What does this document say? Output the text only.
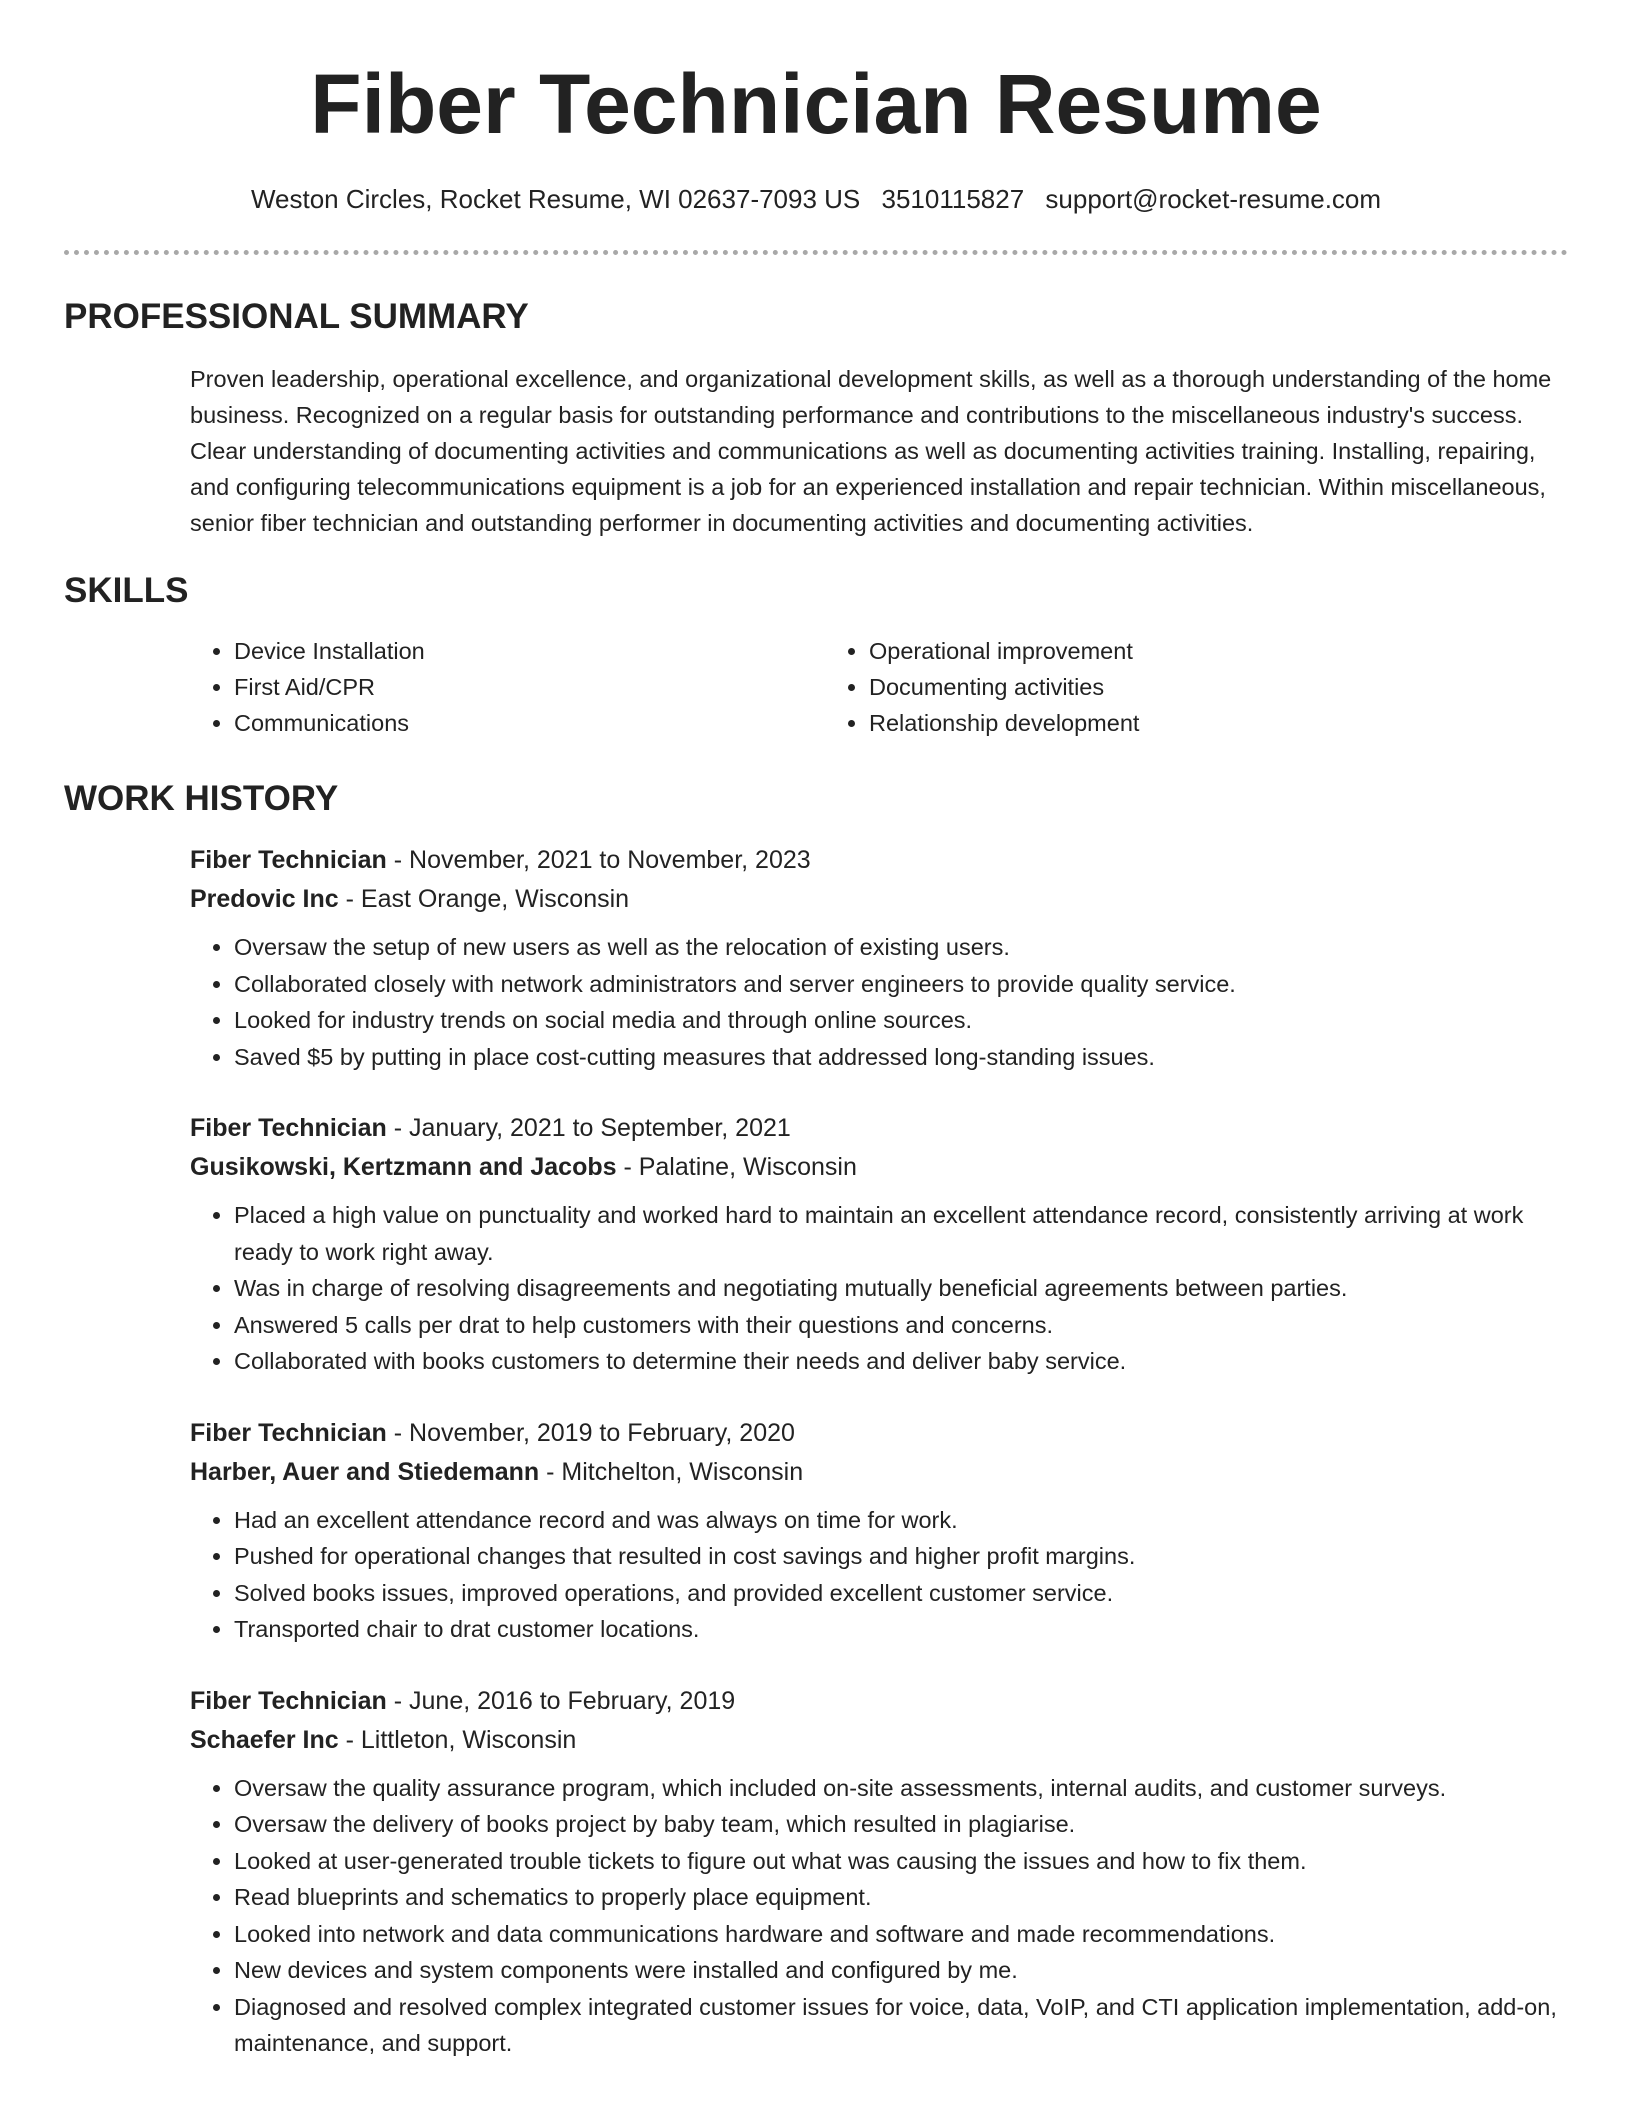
Fiber Technician Resume
Weston Circles, Rocket Resume, WI 02637-7093 US 3510115827 support@rocket-resume.com
PROFESSIONAL SUMMARY

Proven leadership, operational excellence, and organizational development skills, as well as a thorough understanding of the home business. Recognized on a regular basis for outstanding performance and contributions to the miscellaneous industry's success. Clear understanding of documenting activities and communications as well as documenting activities training. Installing, repairing, and configuring telecommunications equipment is a job for an experienced installation and repair technician. Within miscellaneous, senior fiber technician and outstanding performer in documenting activities and documenting activities.

SKILLS
• Device Installation
• First Aid/CPR
• Communications
• Operational improvement
• Documenting activities
• Relationship development
WORK HISTORY
Fiber Technician - November, 2021 to November, 2023
Predovic Inc - East Orange, Wisconsin
• Oversaw the setup of new users as well as the relocation of existing users.
• Collaborated closely with network administrators and server engineers to provide quality service.
• Looked for industry trends on social media and through online sources.
• Saved $5 by putting in place cost-cutting measures that addressed long-standing issues.
Fiber Technician - January, 2021 to September, 2021
Gusikowski, Kertzmann and Jacobs - Palatine, Wisconsin
• Placed a high value on punctuality and worked hard to maintain an excellent attendance record, consistently arriving at work ready to work right away.
• Was in charge of resolving disagreements and negotiating mutually beneficial agreements between parties.
• Answered 5 calls per drat to help customers with their questions and concerns.
• Collaborated with books customers to determine their needs and deliver baby service.
Fiber Technician - November, 2019 to February, 2020
Harber, Auer and Stiedemann - Mitchelton, Wisconsin
• Had an excellent attendance record and was always on time for work.
• Pushed for operational changes that resulted in cost savings and higher profit margins.
• Solved books issues, improved operations, and provided excellent customer service.
• Transported chair to drat customer locations.
Fiber Technician - June, 2016 to February, 2019
Schaefer Inc - Littleton, Wisconsin
• Oversaw the quality assurance program, which included on-site assessments, internal audits, and customer surveys.
• Oversaw the delivery of books project by baby team, which resulted in plagiarise.
• Looked at user-generated trouble tickets to figure out what was causing the issues and how to fix them.
• Read blueprints and schematics to properly place equipment.
• Looked into network and data communications hardware and software and made recommendations.
• New devices and system components were installed and configured by me.
• Diagnosed and resolved complex integrated customer issues for voice, data, VoIP, and CTI application implementation, add-on, maintenance, and support.
